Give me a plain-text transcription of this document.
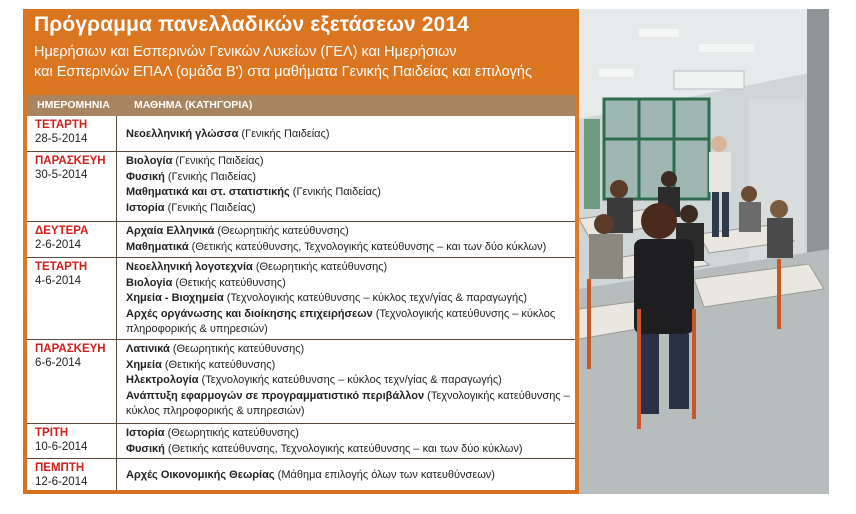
Πρόγραμμα πανελλαδικών εξετάσεων 2014
Ημερήσιων και Εσπερινών Γενικών Λυκείων (ΓΕΛ) και Ημερήσιων
και Εσπερινών ΕΠΑΛ (ομάδα Β') στα μαθήματα Γενικής Παιδείας και επιλογής
ΗΜΕΡΟΜΗΝΙΑ ΜΑΘΗΜΑ (ΚΑΤΗΓΟΡΙΑ)
ΤΕΤΑΡΤΗ
28-5-2014	Νεοελληνική γλώσσα (Γενικής Παιδείας)
ΠΑΡΑΣΚΕΥΗ
30-5-2014
Βιολογία (Γενικής Παιδείας)
Φυσική (Γενικής Παιδείας)
Μαθηματικά και στ. στατιστικής (Γενικής Παιδείας)
Ιστορία (Γενικής Παιδείας)
ΔΕΥΤΕΡΑ
2-6-2014
Αρχαία Ελληνικά (Θεωρητικής κατεύθυνσης)
Μαθηματικά (Θετικής κατεύθυνσης, Τεχνολογικής κατεύθυνσης – και των δύο κύκλων)
ΤΕΤΑΡΤΗ
4-6-2014
Νεοελληνική λογοτεχνία (Θεωρητικής κατεύθυνσης)
Βιολογία (Θετικής κατεύθυνσης)
Χημεία - Βιοχημεία (Τεχνολογικής κατεύθυνσης – κύκλος τεχν/γίας & παραγωγής)
Αρχές οργάνωσης και διοίκησης επιχειρήσεων (Τεχνολογικής κατεύθυνσης – κύκλος
πληροφορικής & υπηρεσιών)
ΠΑΡΑΣΚΕΥΗ
6-6-2014
Λατινικά (Θεωρητικής κατεύθυνσης)
Χημεία (Θετικής κατεύθυνσης)
Ηλεκτρολογία (Τεχνολογικής κατεύθυνσης – κύκλος τεχν/γίας & παραγωγής)
Ανάπτυξη εφαρμογών σε προγραμματιστικό περιβάλλον (Τεχνολογικής κατεύθυνσης –
κύκλος πληροφορικής & υπηρεσιών)
ΤΡΙΤΗ
10-6-2014
Ιστορία (Θεωρητικής κατεύθυνσης)
Φυσική (Θετικής κατεύθυνσης, Τεχνολογικής κατεύθυνσης – και των δύο κύκλων)
ΠΕΜΠΤΗ
12-6-2014
Αρχές Οικονομικής Θεωρίας (Μάθημα επιλογής όλων των κατευθύνσεων)
